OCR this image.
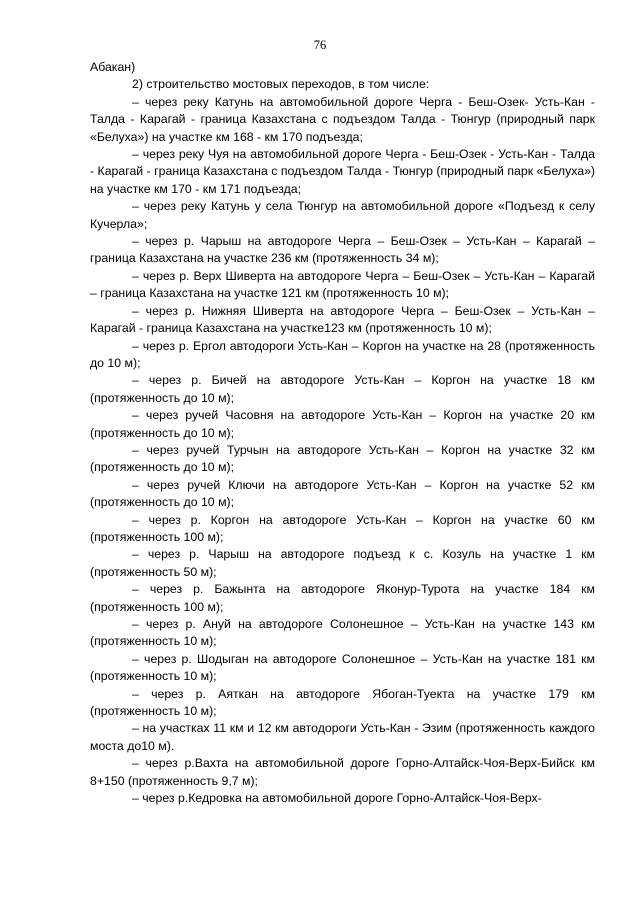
76

Абакан)

2) строительство мостовых переходов, в том числе:

– через реку Катунь на автомобильной дороге Черга - Беш-Озек- Усть-Кан - Талда - Карагай - граница Казахстана с подъездом Талда - Тюнгур (природный парк «Белуха») на участке км 168 - км 170 подъезда;

– через реку Чуя на автомобильной дороге Черга - Беш-Озек - Усть-Кан - Талда - Карагай - граница Казахстана с подъездом Талда - Тюнгур (природный парк «Белуха») на участке км 170 - км 171 подъезда;

– через реку Катунь у села Тюнгур на автомобильной дороге «Подъезд к селу Кучерла»;

– через р. Чарыш на автодороге Черга – Беш-Озек – Усть-Кан – Карагай – граница Казахстана на участке 236 км (протяженность 34 м);

– через р. Верх Шиверта на автодороге Черга – Беш-Озек – Усть-Кан – Карагай – граница Казахстана на участке 121 км (протяженность 10 м);

– через р. Нижняя Шиверта на автодороге Черга – Беш-Озек – Усть-Кан – Карагай - граница Казахстана на участке123 км (протяженность 10 м);

– через р. Ергол автодороги Усть-Кан – Коргон на участке на 28 (протяженность до 10 м);

– через р. Бичей на автодороге Усть-Кан – Коргон на участке 18 км (протяженность до 10 м);

– через ручей Часовня на автодороге Усть-Кан – Коргон на участке 20 км (протяженность до 10 м);

– через ручей Турчын на автодороге Усть-Кан – Коргон на участке 32 км (протяженность до 10 м);

– через ручей Ключи на автодороге Усть-Кан – Коргон на участке 52 км (протяженность до 10 м);

– через р. Коргон на автодороге Усть-Кан – Коргон на участке 60 км (протяженность 100 м);

– через р. Чарыш на автодороге подъезд к с. Козуль на участке 1 км (протяженность 50 м);

– через р. Бажынта на автодороге Яконур-Турота на участке 184 км (протяженность 100 м);

– через р. Ануй на автодороге Солонешное – Усть-Кан на участке 143 км (протяженность 10 м);

– через р. Шодыган на автодороге Солонешное – Усть-Кан на участке 181 км (протяженность 10 м);

– через р. Аяткан на автодороге Ябоган-Туекта на участке 179 км (протяженность 10 м);

– на участках 11 км и 12 км автодороги Усть-Кан - Эзим (протяженность каждого моста до10 м).

– через р.Вахта на автомобильной дороге Горно-Алтайск-Чоя-Верх-Бийск км 8+150 (протяженность 9,7 м);

– через р.Кедровка на автомобильной дороге Горно-Алтайск-Чоя-Верх-
